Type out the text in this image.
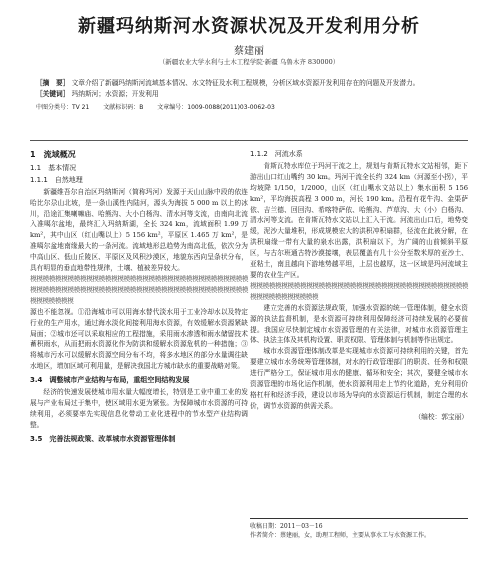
新疆玛纳斯河水资源状况及开发利用分析
蔡建丽
（新疆农业大学水利与土木工程学院·新疆 乌鲁木齐 830000）
［摘　要］ 文章介绍了新疆玛纳斯河流域基本情况、水文特征及水利工程规模，分析区域水资源开发利用存在的问题及开发潜力。
［关键词］ 玛纳斯河；水资源；开发利用
中图分类号：TV 21 文献标识码：B 文章编号：1009-0088(2011)03-0062-03
1　流域概况
1.1　基本情况
1.1.1　自然地理

新疆维吾尔自治区玛纳斯河（简称玛河）发源于天山山脉中段的依连哈比尔尕山北坡，是一条山溪性内陆河，源头为海拔 5 000 m 以上的冰川，沿途汇集喇嘛庙、哈熊沟、大小白杨沟、清水河等支流，由南向北流入准噶尔盆地，最终汇入玛纳斯湖，全长 324 km，流域面积 1.99 万 km²，其中山区（红山嘴以上）5 156 km²，平原区 1.465 万 km²，是准噶尔盆地南缘最大的一条河流。流域地形总趋势为南高北低，依次分为中高山区、低山丘陵区、平原区及风积沙漠区，地貌东西向呈条状分布，具有明显的垂直地带性规律，土壤、植被差异较大。

模模模模模模模模模模模模模模模模模模模模模模模模模模模模模模模模模模模模模模模模模模模模模模模模模模模模模模模模模模模模模模模模模模模模模模模模模模模模模

源也不能忽视。①沿海城市可以用海水替代淡水用于工业冷却水以及特定行业的生产用水，通过海水淡化间接利用海水资源，有效缓解水资源紧缺局面；②城市还可以采取相应的工程措施，采用雨水渗透和雨水储留技术蓄积雨水，从而把雨水资源化作为防洪和缓解水资源危机的一种措施；③将城市污水可以缓解水资源空间分布不均，将多水地区的部分水量调往缺水地区，增加区域可利用量，是解决我国北方城市缺水的重要战略对策。

3.4　调整城市产业结构与布局，重组空间结构发展

经济的快速发展使城市用水量大幅度增长，特别是工业中重工业的发展与产业布局过于集中，使区域用水更为紧张。为保障城市水资源的可持续利用，必须要率先实现信息化带动工业化进程中的节水型产业结构调整。

3.5　完善法规政策、改革城市水资源管理体制
1.1.2　河流水系

肯斯瓦特水库位于玛河干流之上，规划与肯斯瓦特水文站相邻，距下游出山口红山嘴约 30 km。玛河干流全长约 324 km（河源至小拐），平均坡降 1/150，1/2000，山区（红山嘴水文站以上）集水面积 5 156 km²，平均海拔高程 3 000 m，河长 190 km。沿程有花牛沟、金渠萨依、吉兰德、回回沟、希喀特萨依、哈熊沟、芦草沟、大（小）白杨沟、清水河等支流。在肯斯瓦特水文站以上汇入干流。河流出山口后，地势变缓，泥沙大量堆积，形成规模宏大的洪积冲积扇群，径流在此被分解，在洪积扇缘一带有大量的泉水出露，洪积扇以下，为广阔的山前倾斜平原区，与古尔班通古特沙漠接壤，表层覆盖有几十公分至数米厚的亚沙土、亚粘土，南且越向下游地势越平坦，上层也越厚，这一区域是玛河流域主要的农业生产区。

模模模模模模模模模模模模模模模模模模模模模模模模模模模模模模模模模模模模模模模模模模模模模模

建立完善的水资源法规政策，加强水资源的统一管理体制，健全水资源的执法监督机制，是水资源可持续利用保障经济可持续发展的必要前提。我国应尽快制定城市水资源管理的有关法律，对城市水资源管理主体、执法主体及其机构设置、职责权限、管理体制与机制等作出规定。

城市水资源管理体制改革是实现城市水资源可持续利用的关键，首先要建立城市水务统筹管理体制，对水的行政管理部门的职责、任务和权限进行严格分工，保证城市用水的健康、循环和安全；其次，要健全城市水资源管理的市场化运作机制，使水资源利用走上节约化道路，充分利用价格杠杆和经济手段，建设以市场为导向的水资源运行机制，制定合理的水价，调节水资源的供需关系。

（编校：郭宝丽）
收稿日期：2011－03－16
作者简介：蔡建丽，女，助理工程师，主要从事水工与水资源工作。
